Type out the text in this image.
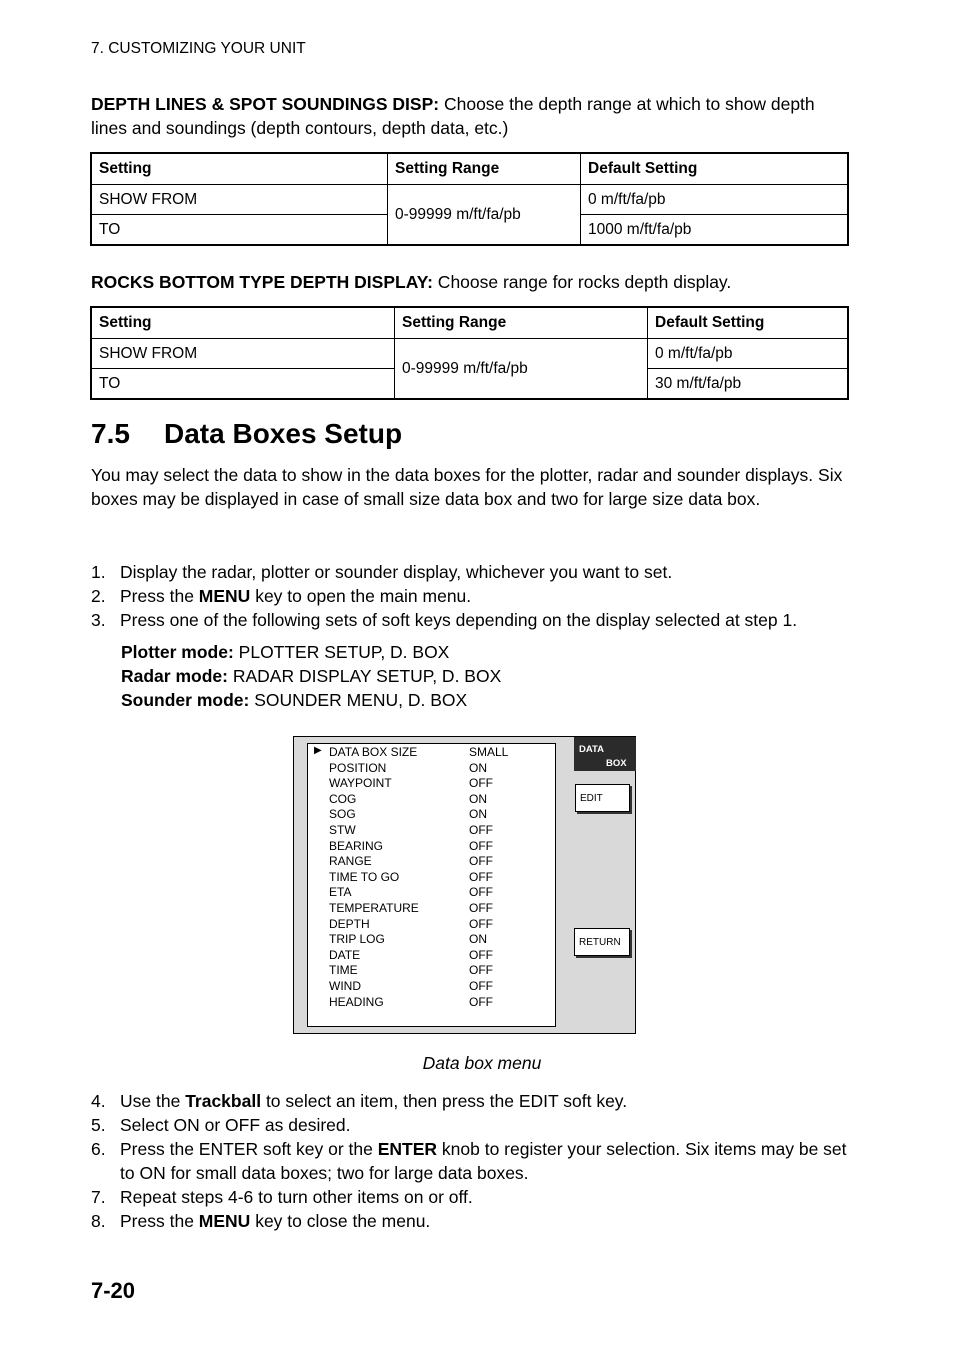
7. CUSTOMIZING YOUR UNIT
DEPTH LINES & SPOT SOUNDINGS DISP: Choose the depth range at which to show depth lines and soundings (depth contours, depth data, etc.)
Setting	Setting Range	Default Setting
SHOW FROM	0-99999 m/ft/fa/pb	0 m/ft/fa/pb
TO		1000 m/ft/fa/pb
ROCKS BOTTOM TYPE DEPTH DISPLAY: Choose range for rocks depth display.
Setting	Setting Range	Default Setting
SHOW FROM	0-99999 m/ft/fa/pb	0 m/ft/fa/pb
TO		30 m/ft/fa/pb
7.5 Data Boxes Setup
You may select the data to show in the data boxes for the plotter, radar and sounder displays. Six boxes may be displayed in case of small size data box and two for large size data box.
1. Display the radar, plotter or sounder display, whichever you want to set.
2. Press the MENU key to open the main menu.
3. Press one of the following sets of soft keys depending on the display selected at step 1.
Plotter mode: PLOTTER SETUP, D. BOX
Radar mode: RADAR DISPLAY SETUP, D. BOX
Sounder mode: SOUNDER MENU, D. BOX
▶ DATA BOX SIZE	SMALL
POSITION	ON
WAYPOINT	OFF
COG	ON
SOG	ON
STW	OFF
BEARING	OFF
RANGE	OFF
TIME TO GO	OFF
ETA	OFF
TEMPERATURE	OFF
DEPTH	OFF
TRIP LOG	ON
DATE	OFF
TIME	OFF
WIND	OFF
HEADING	OFF
DATA
BOX
EDIT
RETURN
Data box menu
4. Use the Trackball to select an item, then press the EDIT soft key.
5. Select ON or OFF as desired.
6. Press the ENTER soft key or the ENTER knob to register your selection. Six items may be set to ON for small data boxes; two for large data boxes.
7. Repeat steps 4-6 to turn other items on or off.
8. Press the MENU key to close the menu.
7-20
